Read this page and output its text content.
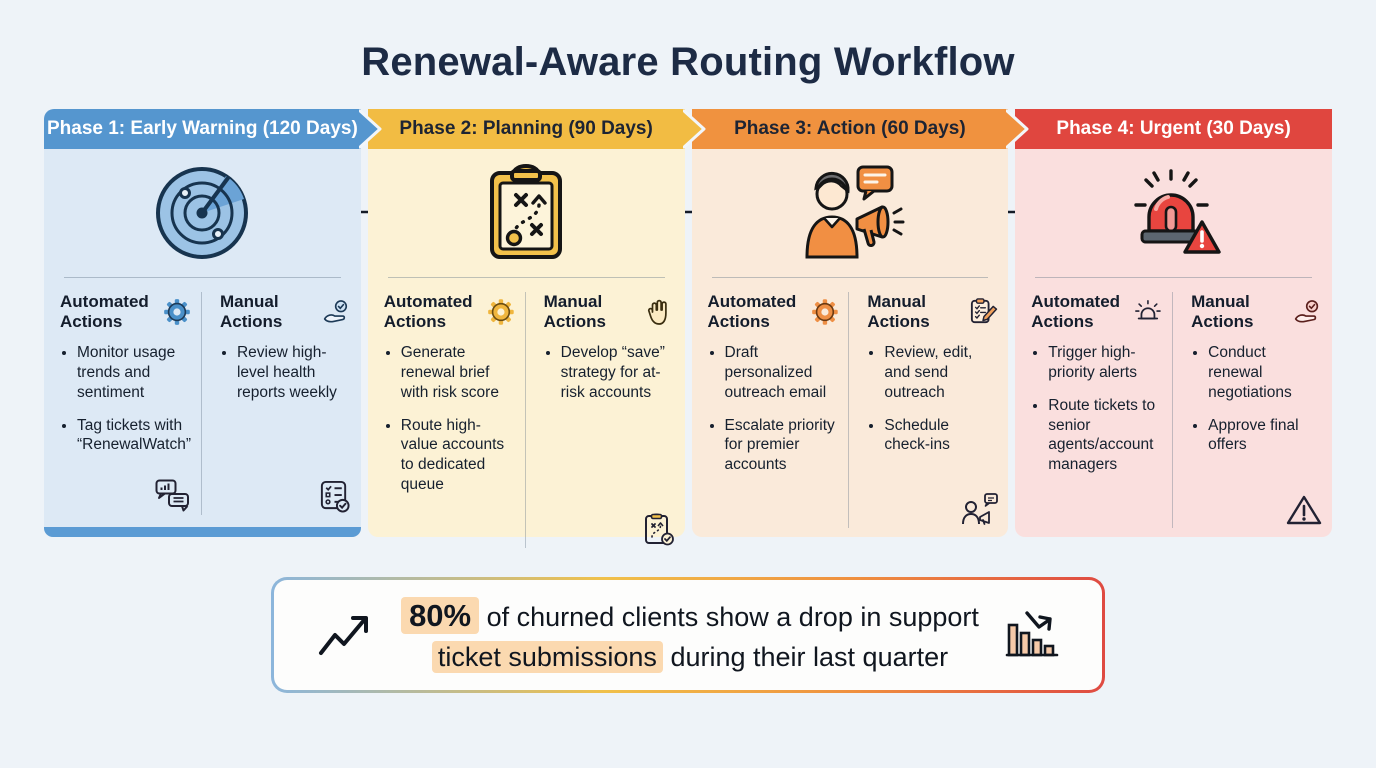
Renewal-Aware Routing Workflow
Phase 1: Early Warning (120 Days)
Automated Actions
• Monitor usage trends and sentiment
• Tag tickets with “RenewalWatch”
Manual Actions
• Review high-level health reports weekly
Phase 2: Planning (90 Days)
Automated Actions
• Generate renewal brief with risk score
• Route high-value accounts to dedicated queue
Manual Actions
• Develop “save” strategy for at-risk accounts
Phase 3: Action (60 Days)
Automated Actions
• Draft personalized outreach email
• Escalate priority for premier accounts
Manual Actions
• Review, edit, and send outreach
• Schedule check-ins
Phase 4: Urgent (30 Days)
Automated Actions
• Trigger high-priority alerts
• Route tickets to senior agents/account managers
Manual Actions
• Conduct renewal negotiations
• Approve final offers
80% of churned clients show a drop in support
ticket submissions during their last quarter
